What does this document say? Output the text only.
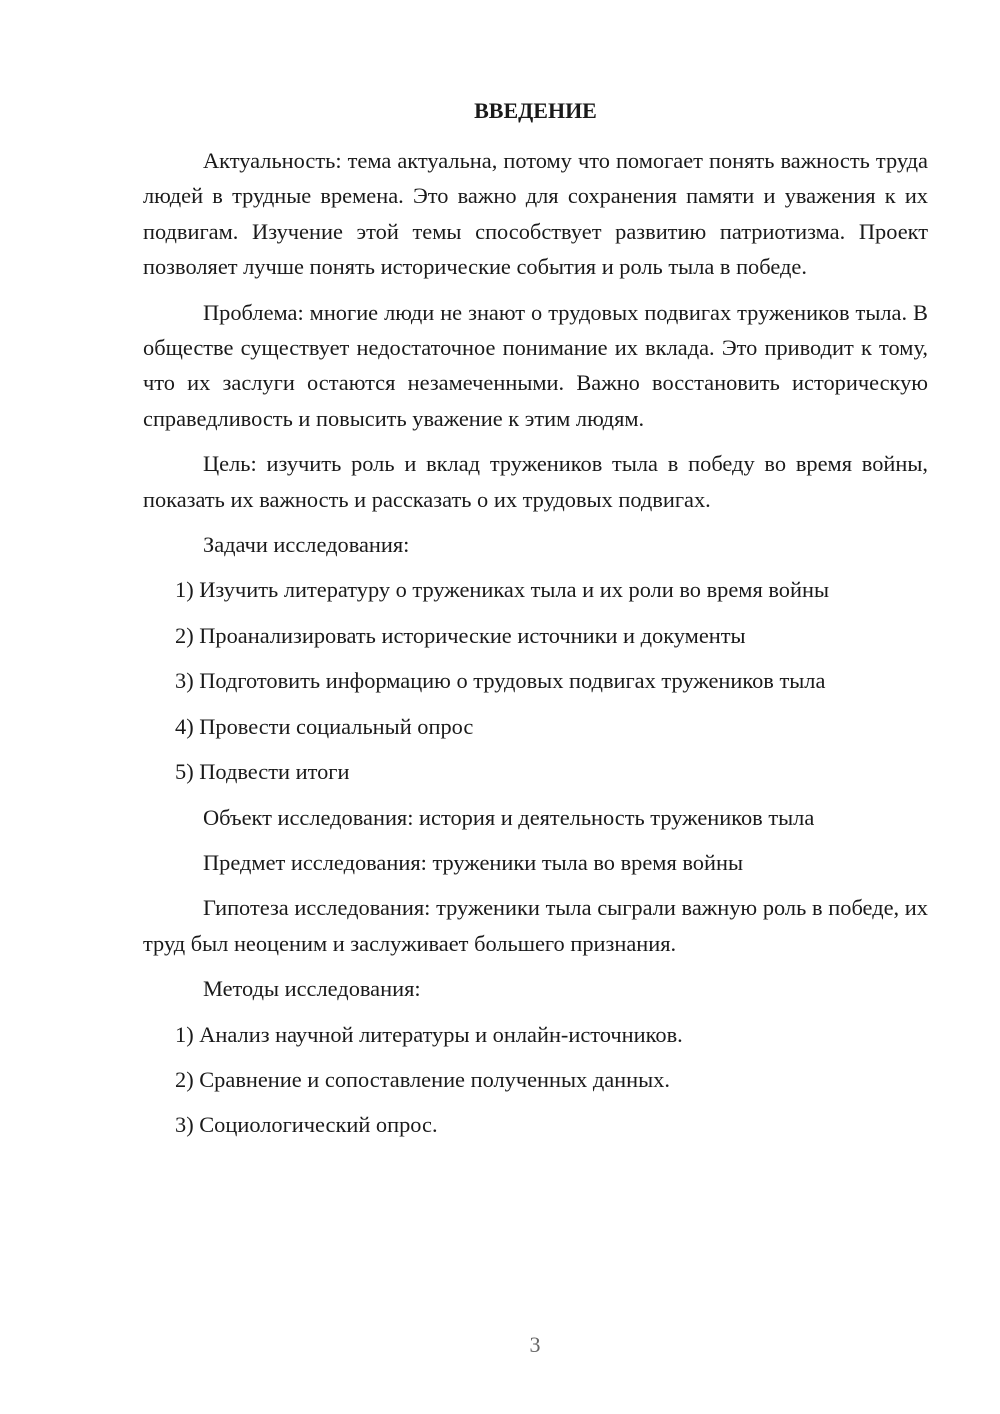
ВВЕДЕНИЕ

Актуальность: тема актуальна, потому что помогает понять важность труда людей в трудные времена. Это важно для сохранения памяти и уважения к их подвигам. Изучение этой темы способствует развитию патриотизма. Проект позволяет лучше понять исторические события и роль тыла в победе.

Проблема: многие люди не знают о трудовых подвигах тружеников тыла. В обществе существует недостаточное понимание их вклада. Это приводит к тому, что их заслуги остаются незамеченными. Важно восстановить историческую справедливость и повысить уважение к этим людям.

Цель: изучить роль и вклад тружеников тыла в победу во время войны, показать их важность и рассказать о их трудовых подвигах.

Задачи исследования:

1) Изучить литературу о тружениках тыла и их роли во время войны

2) Проанализировать исторические источники и документы

3) Подготовить информацию о трудовых подвигах тружеников тыла

4) Провести социальный опрос

5) Подвести итоги

Объект исследования: история и деятельность тружеников тыла

Предмет исследования: труженики тыла во время войны

Гипотеза исследования: труженики тыла сыграли важную роль в победе, их труд был неоценим и заслуживает большего признания.

Методы исследования:

1) Анализ научной литературы и онлайн-источников.

2) Сравнение и сопоставление полученных данных.

3) Социологический опрос.

3
